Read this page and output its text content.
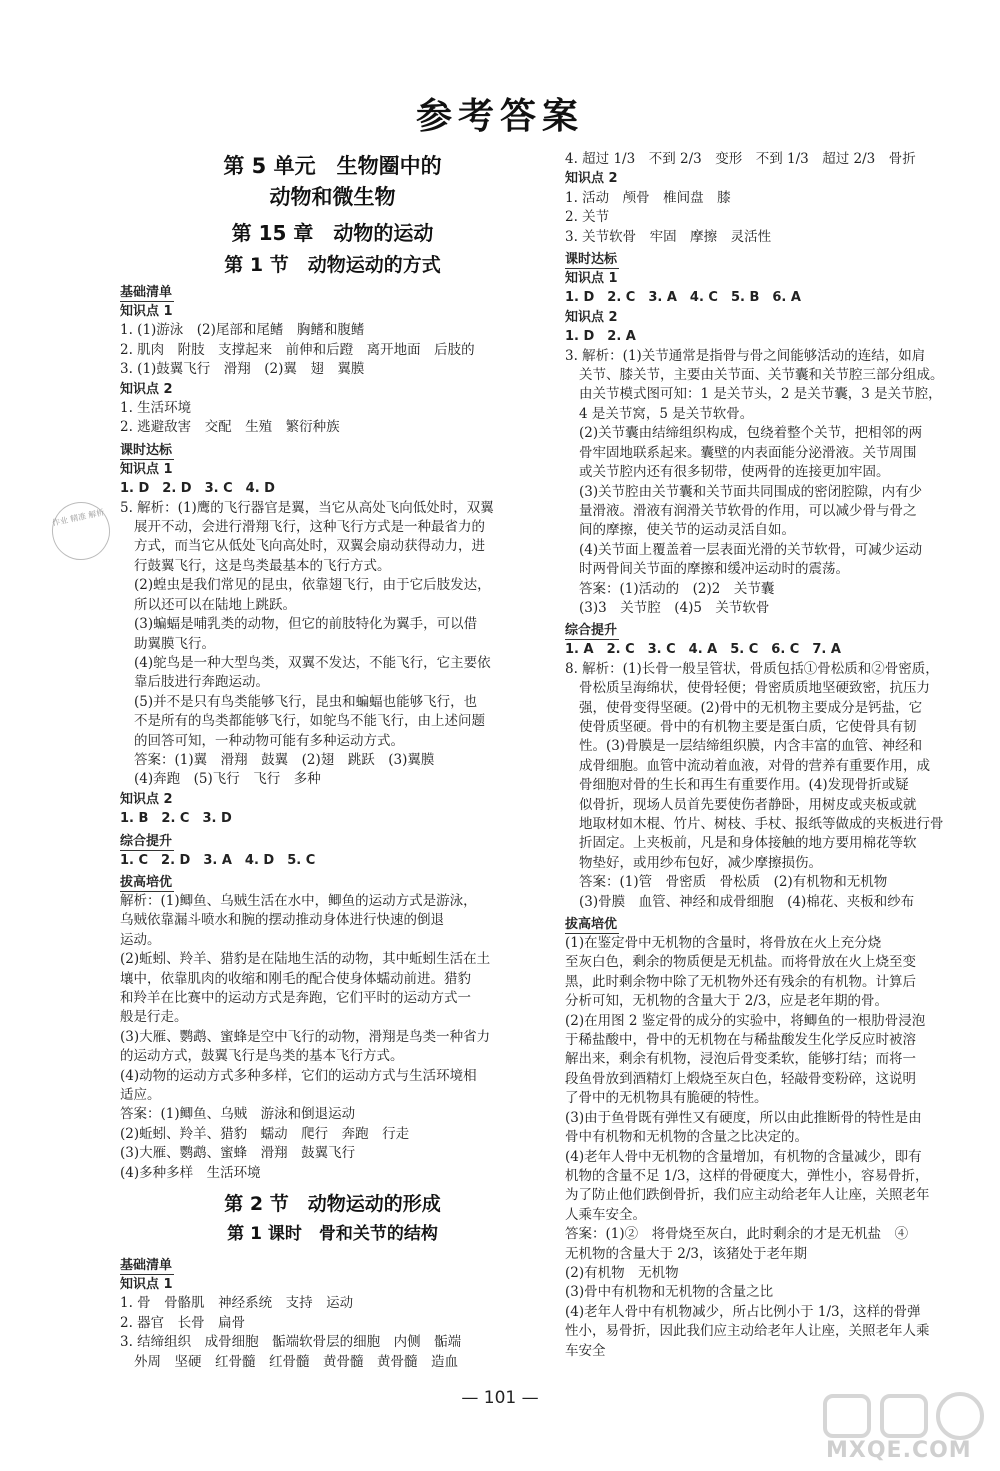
参考答案
作业 精准 解析
第 5 单元　生物圈中的
动物和微生物
第 15 章　动物的运动
第 1 节　动物运动的方式
基础清单
知识点 1
1. (1)游泳　(2)尾部和尾鳍　胸鳍和腹鳍
2. 肌肉　附肢　支撑起来　前伸和后蹬　离开地面　后肢的
3. (1)鼓翼飞行　滑翔　(2)翼　翅　翼膜
知识点 2
1. 生活环境
2. 逃避敌害　交配　生殖　繁衍种族
课时达标
知识点 1
1. D　2. D　3. C　4. D
5. 解析：(1)鹰的飞行器官是翼，当它从高处飞向低处时，双翼
展开不动，会进行滑翔飞行，这种飞行方式是一种最省力的
方式，而当它从低处飞向高处时，双翼会扇动获得动力，进
行鼓翼飞行，这是鸟类最基本的飞行方式。
(2)蝗虫是我们常见的昆虫，依靠翅飞行，由于它后肢发达，
所以还可以在陆地上跳跃。
(3)蝙蝠是哺乳类的动物，但它的前肢特化为翼手，可以借
助翼膜飞行。
(4)鸵鸟是一种大型鸟类，双翼不发达，不能飞行，它主要依
靠后肢进行奔跑运动。
(5)并不是只有鸟类能够飞行，昆虫和蝙蝠也能够飞行，也
不是所有的鸟类都能够飞行，如鸵鸟不能飞行，由上述问题
的回答可知，一种动物可能有多种运动方式。
答案：(1)翼　滑翔　鼓翼　(2)翅　跳跃　(3)翼膜
(4)奔跑　(5)飞行　飞行　多种
知识点 2
1. B　2. C　3. D
综合提升
1. C　2. D　3. A　4. D　5. C
拔高培优
解析：(1)鲫鱼、乌贼生活在水中，鲫鱼的运动方式是游泳，
乌贼依靠漏斗喷水和腕的摆动推动身体进行快速的倒退
运动。
(2)蚯蚓、羚羊、猎豹是在陆地生活的动物，其中蚯蚓生活在土
壤中，依靠肌肉的收缩和刚毛的配合使身体蠕动前进。猎豹
和羚羊在比赛中的运动方式是奔跑，它们平时的运动方式一
般是行走。
(3)大雁、鹦鹉、蜜蜂是空中飞行的动物，滑翔是鸟类一种省力
的运动方式，鼓翼飞行是鸟类的基本飞行方式。
(4)动物的运动方式多种多样，它们的运动方式与生活环境相
适应。
答案：(1)鲫鱼、乌贼　游泳和倒退运动
(2)蚯蚓、羚羊、猎豹　蠕动　爬行　奔跑　行走
(3)大雁、鹦鹉、蜜蜂　滑翔　鼓翼飞行
(4)多种多样　生活环境
第 2 节　动物运动的形成
第 1 课时　骨和关节的结构
基础清单
知识点 1
1. 骨　骨骼肌　神经系统　支持　运动
2. 器官　长骨　扁骨
3. 结缔组织　成骨细胞　骺端软骨层的细胞　内侧　骺端
外周　坚硬　红骨髓　红骨髓　黄骨髓　黄骨髓　造血
4. 超过 1/3　不到 2/3　变形　不到 1/3　超过 2/3　骨折
知识点 2
1. 活动　颅骨　椎间盘　膝
2. 关节
3. 关节软骨　牢固　摩擦　灵活性
课时达标
知识点 1
1. D　2. C　3. A　4. C　5. B　6. A
知识点 2
1. D　2. A
3. 解析：(1)关节通常是指骨与骨之间能够活动的连结，如肩
关节、膝关节，主要由关节面、关节囊和关节腔三部分组成。
由关节模式图可知：1 是关节头，2 是关节囊，3 是关节腔，
4 是关节窝，5 是关节软骨。
(2)关节囊由结缔组织构成，包绕着整个关节，把相邻的两
骨牢固地联系起来。囊壁的内表面能分泌滑液。关节周围
或关节腔内还有很多韧带，使两骨的连接更加牢固。
(3)关节腔由关节囊和关节面共同围成的密闭腔隙，内有少
量滑液。滑液有润滑关节软骨的作用，可以减少骨与骨之
间的摩擦，使关节的运动灵活自如。
(4)关节面上覆盖着一层表面光滑的关节软骨，可减少运动
时两骨间关节面的摩擦和缓冲运动时的震荡。
答案：(1)活动的　(2)2　关节囊
(3)3　关节腔　(4)5　关节软骨
综合提升
1. A　2. C　3. C　4. A　5. C　6. C　7. A
8. 解析：(1)长骨一般呈管状，骨质包括①骨松质和②骨密质，
骨松质呈海绵状，使骨轻便；骨密质质地坚硬致密，抗压力
强，使骨变得坚硬。(2)骨中的无机物主要成分是钙盐，它
使骨质坚硬。骨中的有机物主要是蛋白质，它使骨具有韧
性。(3)骨膜是一层结缔组织膜，内含丰富的血管、神经和
成骨细胞。血管中流动着血液，对骨的营养有重要作用，成
骨细胞对骨的生长和再生有重要作用。(4)发现骨折或疑
似骨折，现场人员首先要使伤者静卧，用树皮或夹板或就
地取材如木棍、竹片、树枝、手杖、报纸等做成的夹板进行骨
折固定。上夹板前，凡是和身体接触的地方要用棉花等软
物垫好，或用纱布包好，减少摩擦损伤。
答案：(1)管　骨密质　骨松质　(2)有机物和无机物
(3)骨膜　血管、神经和成骨细胞　(4)棉花、夹板和纱布
拔高培优
(1)在鉴定骨中无机物的含量时，将骨放在火上充分烧
至灰白色，剩余的物质便是无机盐。而将骨放在火上烧至变
黑，此时剩余物中除了无机物外还有残余的有机物。计算后
分析可知，无机物的含量大于 2/3，应是老年期的骨。
(2)在用图 2 鉴定骨的成分的实验中，将鲫鱼的一根肋骨浸泡
于稀盐酸中，骨中的无机物在与稀盐酸发生化学反应时被溶
解出来，剩余有机物，浸泡后骨变柔软，能够打结；而将一
段鱼骨放到酒精灯上煅烧至灰白色，轻敲骨变粉碎，这说明
了骨中的无机物具有脆硬的特性。
(3)由于鱼骨既有弹性又有硬度，所以由此推断骨的特性是由
骨中有机物和无机物的含量之比决定的。
(4)老年人骨中无机物的含量增加，有机物的含量减少，即有
机物的含量不足 1/3，这样的骨硬度大，弹性小，容易骨折，
为了防止他们跌倒骨折，我们应主动给老年人让座，关照老年
人乘车安全。
答案：(1)②　将骨烧至灰白，此时剩余的才是无机盐　④
无机物的含量大于 2/3，该猪处于老年期
(2)有机物　无机物
(3)骨中有机物和无机物的含量之比
(4)老年人骨中有机物减少，所占比例小于 1/3，这样的骨弹
性小，易骨折，因此我们应主动给老年人让座，关照老年人乘
车安全
— 101 —
MXQE.COM
